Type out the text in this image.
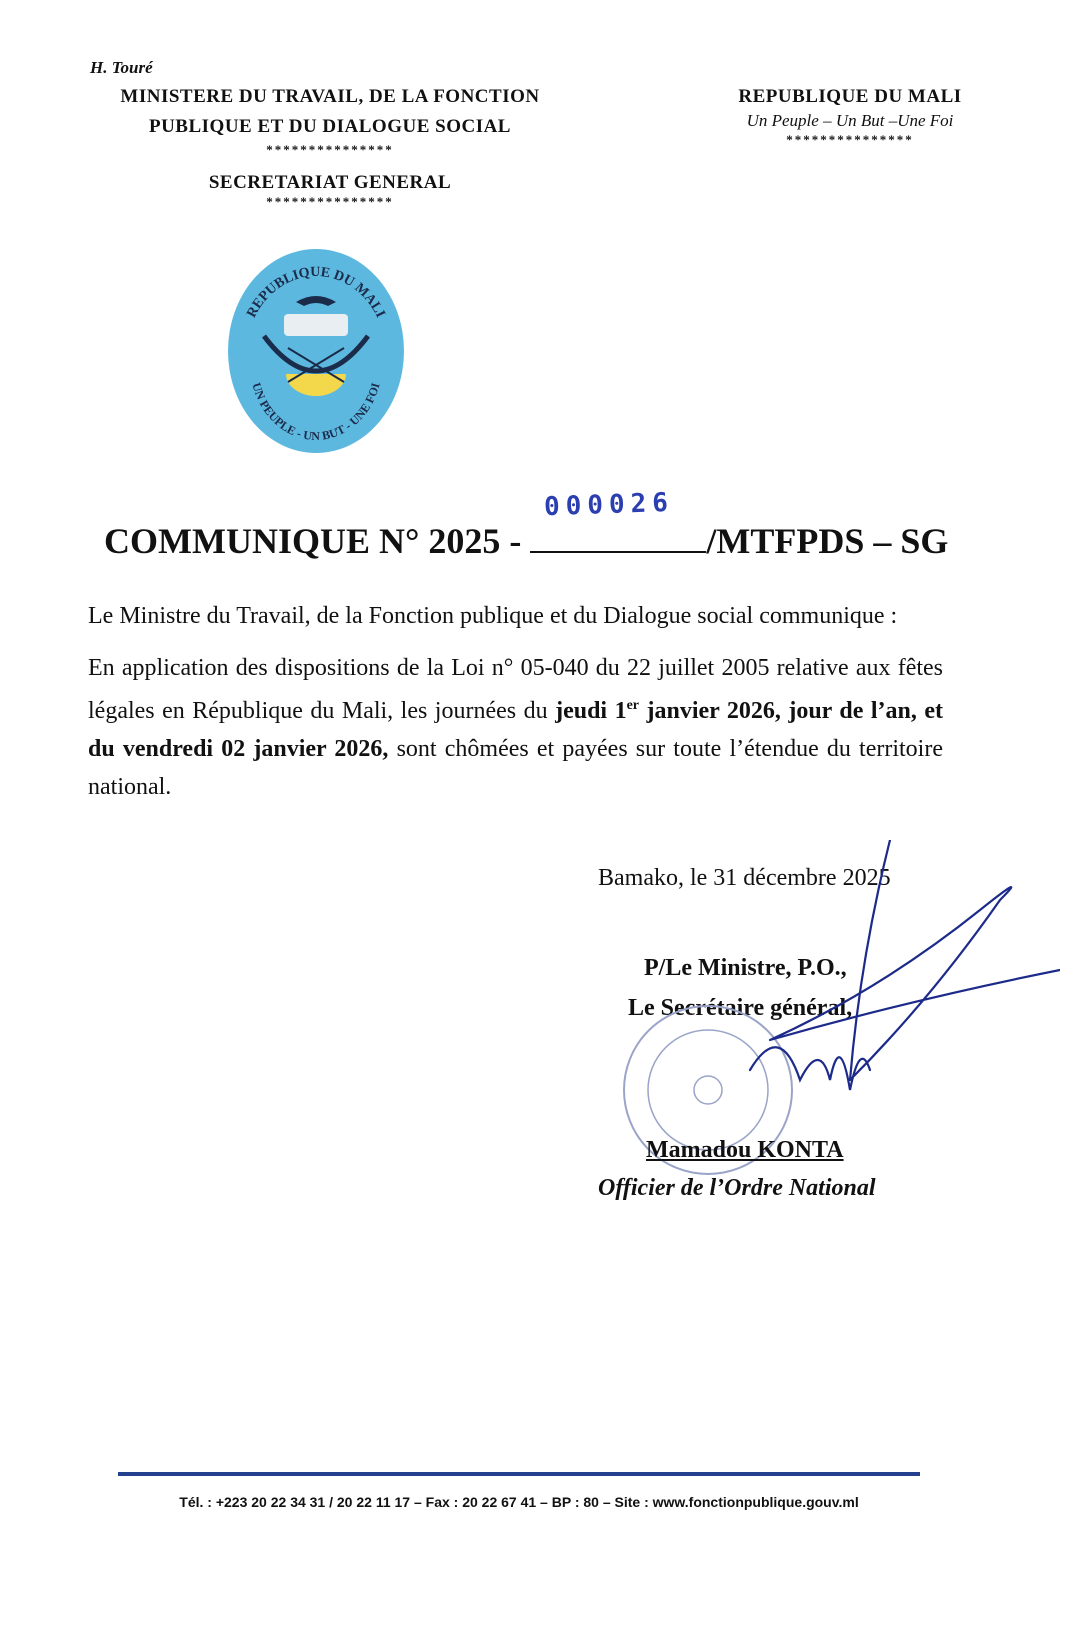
H. Touré
MINISTERE DU TRAVAIL, DE LA FONCTION
PUBLIQUE ET DU DIALOGUE SOCIAL
***************
SECRETARIAT GENERAL
***************
REPUBLIQUE DU MALI
Un Peuple – Un But –Une Foi
***************
REPUBLIQUE DU MALI
UN PEUPLE - UN BUT - UNE FOI
000026
COMMUNIQUE N° 2025 -	/MTFPDS – SG

Le Ministre du Travail, de la Fonction publique et du Dialogue social communique :

En application des dispositions de la Loi n° 05-040 du 22 juillet 2005 relative aux fêtes légales en République du Mali, les journées du jeudi 1er janvier 2026, jour de l’an, et du vendredi 02 janvier 2026, sont chômées et payées sur toute l’étendue du territoire national.

Bamako, le 31 décembre 2025
P/Le Ministre, P.O.,
Le Secrétaire général,
Mamadou KONTA
Officier de l’Ordre National
Tél. : +223 20 22 34 31 / 20 22 11 17 – Fax : 20 22 67 41 – BP : 80 – Site : www.fonctionpublique.gouv.ml
